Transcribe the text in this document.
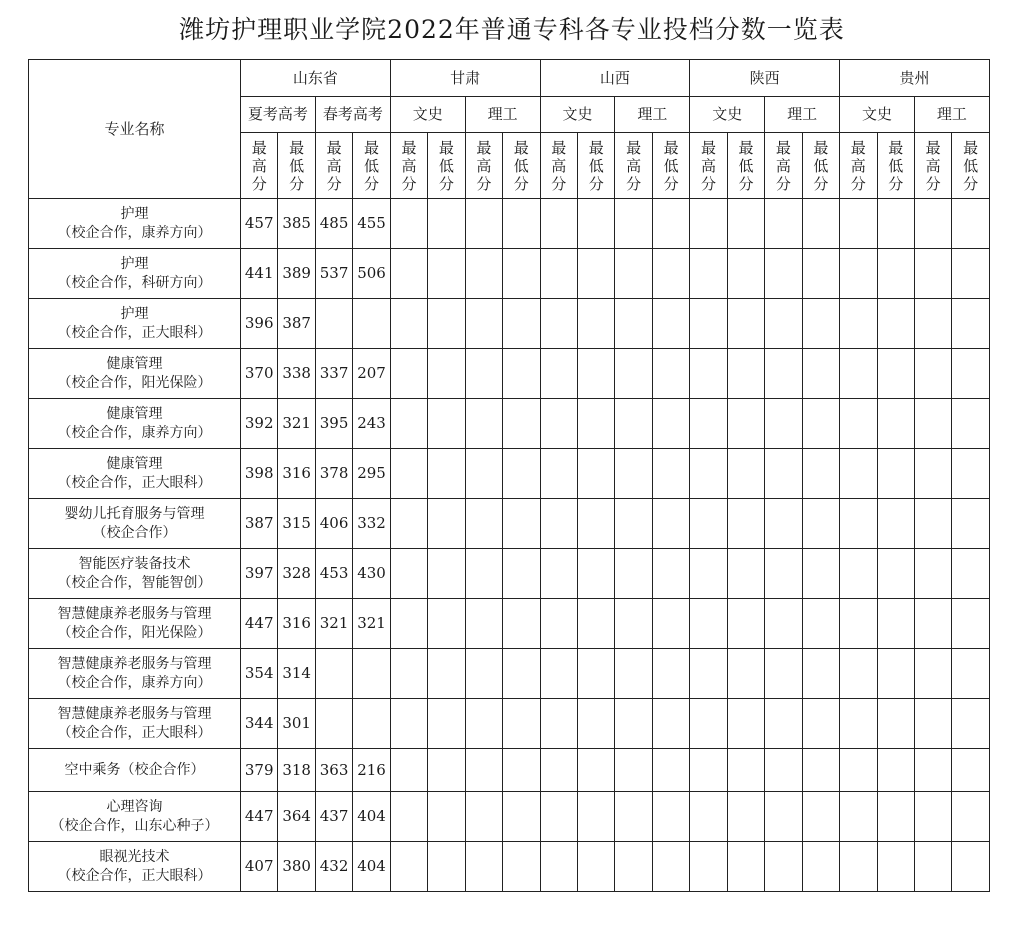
潍坊护理职业学院2022年普通专科各专业投档分数一览表
专业名称	山东省				甘肃				山西				陕西				贵州			
	夏考高考		春考高考		文史		理工		文史		理工		文史		理工		文史		理工	
	最高分	最低分	最高分	最低分	最高分	最低分	最高分	最低分	最高分	最低分	最高分	最低分	最高分	最低分	最高分	最低分	最高分	最低分	最高分	最低分

护理
（校企合作，康养方向）	457	385	485	455																

护理
（校企合作，科研方向）	441	389	537	506																

护理
（校企合作，正大眼科）	396	387																		

健康管理
（校企合作，阳光保险）	370	338	337	207																

健康管理
（校企合作，康养方向）	392	321	395	243																

健康管理
（校企合作，正大眼科）	398	316	378	295																

婴幼儿托育服务与管理
（校企合作）	387	315	406	332																

智能医疗装备技术
（校企合作，智能智创）	397	328	453	430																

智慧健康养老服务与管理
（校企合作，阳光保险）	447	316	321	321																

智慧健康养老服务与管理
（校企合作，康养方向）	354	314																		

智慧健康养老服务与管理
（校企合作，正大眼科）	344	301																		

空中乘务（校企合作）	379	318	363	216																

心理咨询
（校企合作，山东心种子）	447	364	437	404																

眼视光技术
（校企合作，正大眼科）	407	380	432	404																
